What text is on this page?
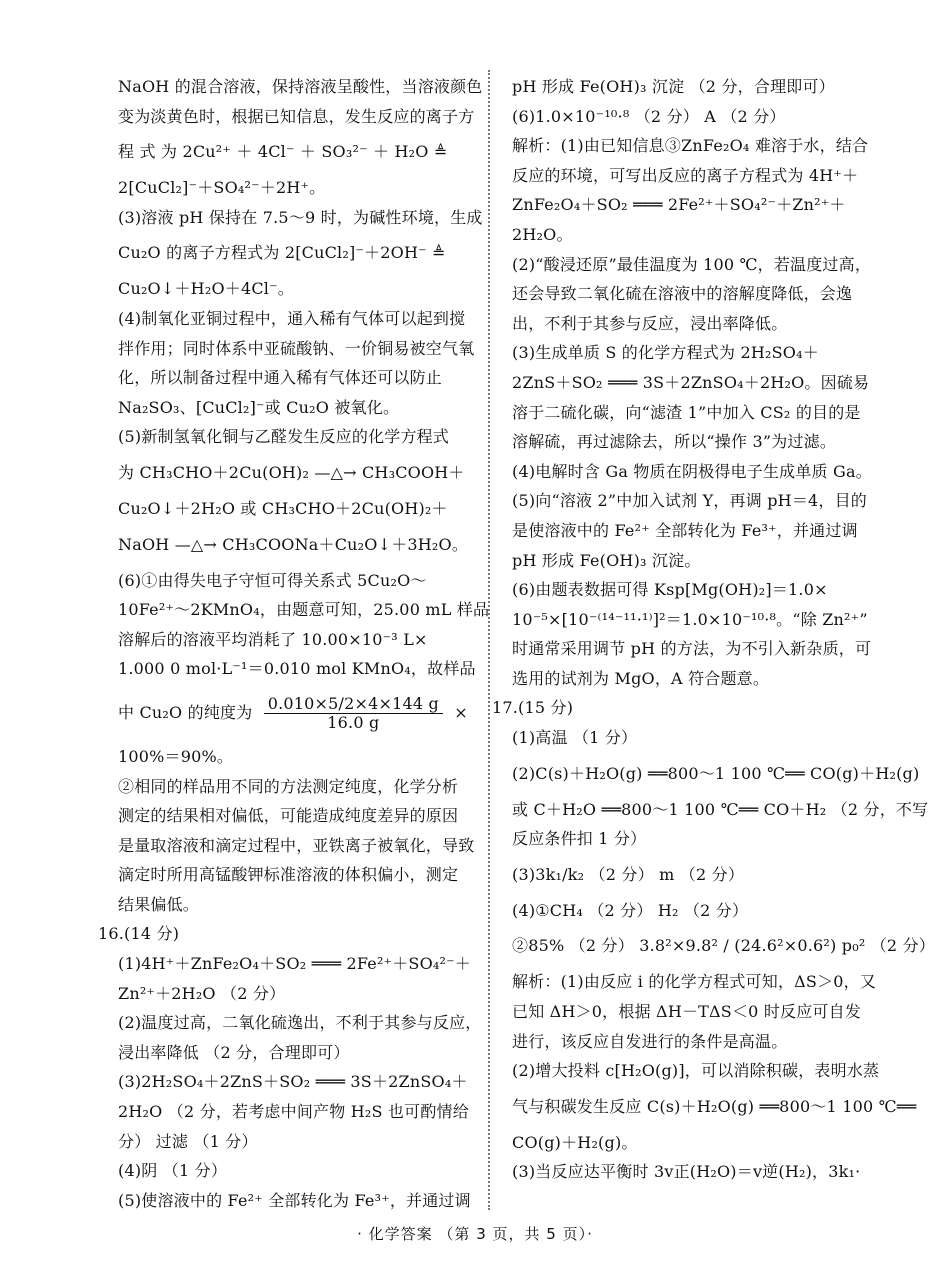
NaOH 的混合溶液，保持溶液呈酸性，当溶液颜色

变为淡黄色时，根据已知信息，发生反应的离子方

程 式 为 2Cu²⁺ ＋ 4Cl⁻ ＋ SO₃²⁻ ＋ H₂O ≜

2[CuCl₂]⁻＋SO₄²⁻＋2H⁺。

(3)溶液 pH 保持在 7.5～9 时，为碱性环境，生成

Cu₂O 的离子方程式为 2[CuCl₂]⁻＋2OH⁻ ≜

Cu₂O↓＋H₂O＋4Cl⁻。

(4)制氧化亚铜过程中，通入稀有气体可以起到搅

拌作用；同时体系中亚硫酸钠、一价铜易被空气氧

化，所以制备过程中通入稀有气体还可以防止

Na₂SO₃、[CuCl₂]⁻或 Cu₂O 被氧化。

(5)新制氢氧化铜与乙醛发生反应的化学方程式

为 CH₃CHO＋2Cu(OH)₂ —△→ CH₃COOH＋

Cu₂O↓＋2H₂O 或 CH₃CHO＋2Cu(OH)₂＋

NaOH —△→ CH₃COONa＋Cu₂O↓＋3H₂O。

(6)①由得失电子守恒可得关系式 5Cu₂O～

10Fe²⁺～2KMnO₄，由题意可知，25.00 mL 样品

溶解后的溶液平均消耗了 10.00×10⁻³ L×

1.000 0 mol·L⁻¹＝0.010 mol KMnO₄，故样品

中 Cu₂O 的纯度为 $\frac{0.010\times 5/2\times 4\times 144 g}{16.0 g}$ ×

100%＝90%。

②相同的样品用不同的方法测定纯度，化学分析

测定的结果相对偏低，可能造成纯度差异的原因

是量取溶液和滴定过程中，亚铁离子被氧化，导致

滴定时所用高锰酸钾标准溶液的体积偏小，测定

结果偏低。

16.(14 分)

(1)4H⁺＋ZnFe₂O₄＋SO₂ ═══ 2Fe²⁺＋SO₄²⁻＋

Zn²⁺＋2H₂O （2 分）

(2)温度过高，二氧化硫逸出，不利于其参与反应，

浸出率降低 （2 分，合理即可）

(3)2H₂SO₄＋2ZnS＋SO₂ ═══ 3S＋2ZnSO₄＋

2H₂O （2 分，若考虑中间产物 H₂S 也可酌情给

分） 过滤 （1 分）

(4)阴 （1 分）

(5)使溶液中的 Fe²⁺ 全部转化为 Fe³⁺，并通过调

pH 形成 Fe(OH)₃ 沉淀 （2 分，合理即可）

(6)1.0×10⁻¹⁰·⁸ （2 分） A （2 分）

解析：(1)由已知信息③ZnFe₂O₄ 难溶于水，结合

反应的环境，可写出反应的离子方程式为 4H⁺＋

ZnFe₂O₄＋SO₂ ═══ 2Fe²⁺＋SO₄²⁻＋Zn²⁺＋

2H₂O。

(2)“酸浸还原”最佳温度为 100 ℃，若温度过高，

还会导致二氧化硫在溶液中的溶解度降低，会逸

出，不利于其参与反应，浸出率降低。

(3)生成单质 S 的化学方程式为 2H₂SO₄＋

2ZnS＋SO₂ ═══ 3S＋2ZnSO₄＋2H₂O。因硫易

溶于二硫化碳，向“滤渣 1”中加入 CS₂ 的目的是

溶解硫，再过滤除去，所以“操作 3”为过滤。

(4)电解时含 Ga 物质在阴极得电子生成单质 Ga。

(5)向“溶液 2”中加入试剂 Y，再调 pH＝4，目的

是使溶液中的 Fe²⁺ 全部转化为 Fe³⁺，并通过调

pH 形成 Fe(OH)₃ 沉淀。

(6)由题表数据可得 Ksp[Mg(OH)₂]＝1.0×

10⁻⁵×[10⁻⁽¹⁴⁻¹¹·¹⁾]²＝1.0×10⁻¹⁰·⁸。“除 Zn²⁺”

时通常采用调节 pH 的方法，为不引入新杂质，可

选用的试剂为 MgO，A 符合题意。

17.(15 分)

(1)高温 （1 分）

(2)C(s)＋H₂O(g) ══800～1 100 ℃══ CO(g)＋H₂(g)

或 C＋H₂O ══800～1 100 ℃══ CO＋H₂ （2 分，不写

反应条件扣 1 分）

(3)3k₁/k₂ （2 分） m （2 分）

(4)①CH₄ （2 分） H₂ （2 分）

②85% （2 分） 3.8²×9.8² / (24.6²×0.6²) p₀² （2 分）

解析：(1)由反应 i 的化学方程式可知，ΔS＞0，又

已知 ΔH＞0，根据 ΔH－TΔS＜0 时反应可自发

进行，该反应自发进行的条件是高温。

(2)增大投料 c[H₂O(g)]，可以消除积碳，表明水蒸

气与积碳发生反应 C(s)＋H₂O(g) ══800～1 100 ℃══

CO(g)＋H₂(g)。

(3)当反应达平衡时 3v正(H₂O)＝v逆(H₂)，3k₁·

· 化学答案 （第 3 页，共 5 页）·
